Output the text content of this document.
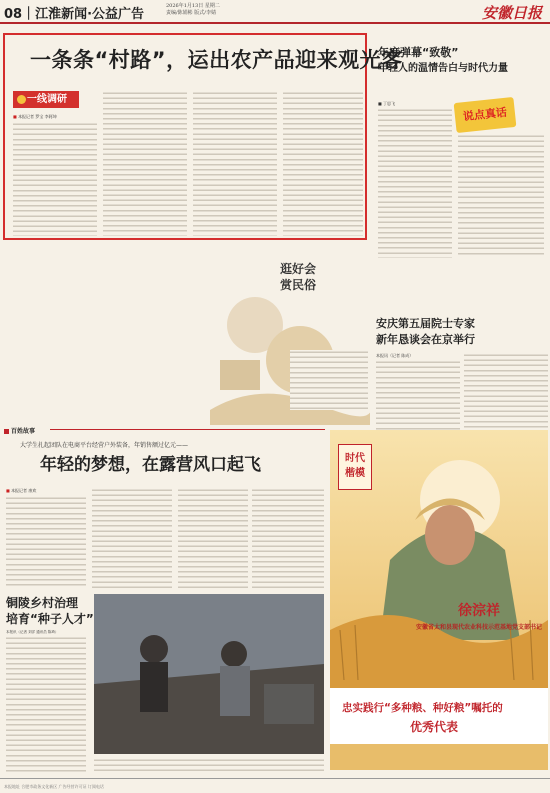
08｜江淮新闻·公益广告
2026年1月13日 星期二
责编/陈娟彬 版式/李婧	安徽日报
一条条“村路”，运出农产品迎来观光客
一线调研
■ 本报记者 罗宝 李阿坤
年度弹幕“致敬”
年轻人的温情告白与时代力量
■ 丁思飞
说点真话
逛好会
赏民俗
安庆第五届院士专家
新年恳谈会在京举行
本报讯（记者 陈成）
百姓故事
大学生扎起团队在电商平台经营户外装备，年销售额过亿元——
年轻的梦想，在露营风口起飞
■ 本报记者 康欢
铜陵乡村治理
培育“种子人才”
本报讯（记者 刘洋 通讯员 陈琦）
时代
楷模
徐淙祥
安徽省太和县现代农业科技示范基地党支部书记
忠实践行“多种粮、种好粮”嘱托的
优秀代表
本报地址 合肥市政务文化新区 广告经营许可证 订阅电话
